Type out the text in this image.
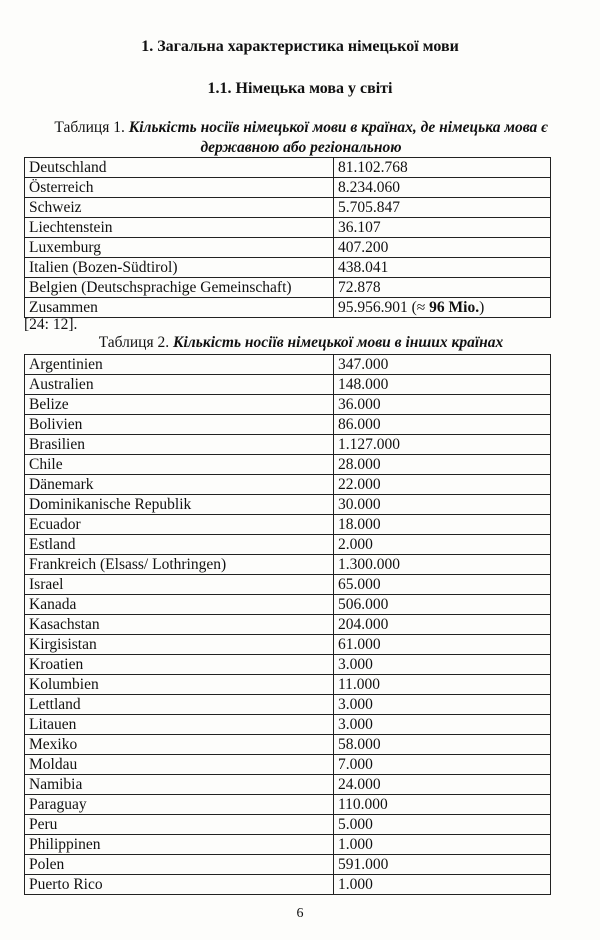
1. Загальна характеристика німецької мови
1.1. Німецька мова у світі
Таблиця 1. Кількість носіїв німецької мови в країнах, де німецька мова є державною або регіональною
Deutschland	81.102.768
Österreich	8.234.060
Schweiz	5.705.847
Liechtenstein	36.107
Luxemburg	407.200
Italien (Bozen-Südtirol)	438.041
Belgien (Deutschsprachige Gemeinschaft)	72.878
Zusammen	95.956.901 (≈ 96 Mio.)
[24: 12].
Таблиця 2. Кількість носіїв німецької мови в інших країнах
Argentinien	347.000
Australien	148.000
Belize	36.000
Bolivien	86.000
Brasilien	1.127.000
Chile	28.000
Dänemark	22.000
Dominikanische Republik	30.000
Ecuador	18.000
Estland	2.000
Frankreich (Elsass/ Lothringen)	1.300.000
Israel	65.000
Kanada	506.000
Kasachstan	204.000
Kirgisistan	61.000
Kroatien	3.000
Kolumbien	11.000
Lettland	3.000
Litauen	3.000
Mexiko	58.000
Moldau	7.000
Namibia	24.000
Paraguay	110.000
Peru	5.000
Philippinen	1.000
Polen	591.000
Puerto Rico	1.000
6
